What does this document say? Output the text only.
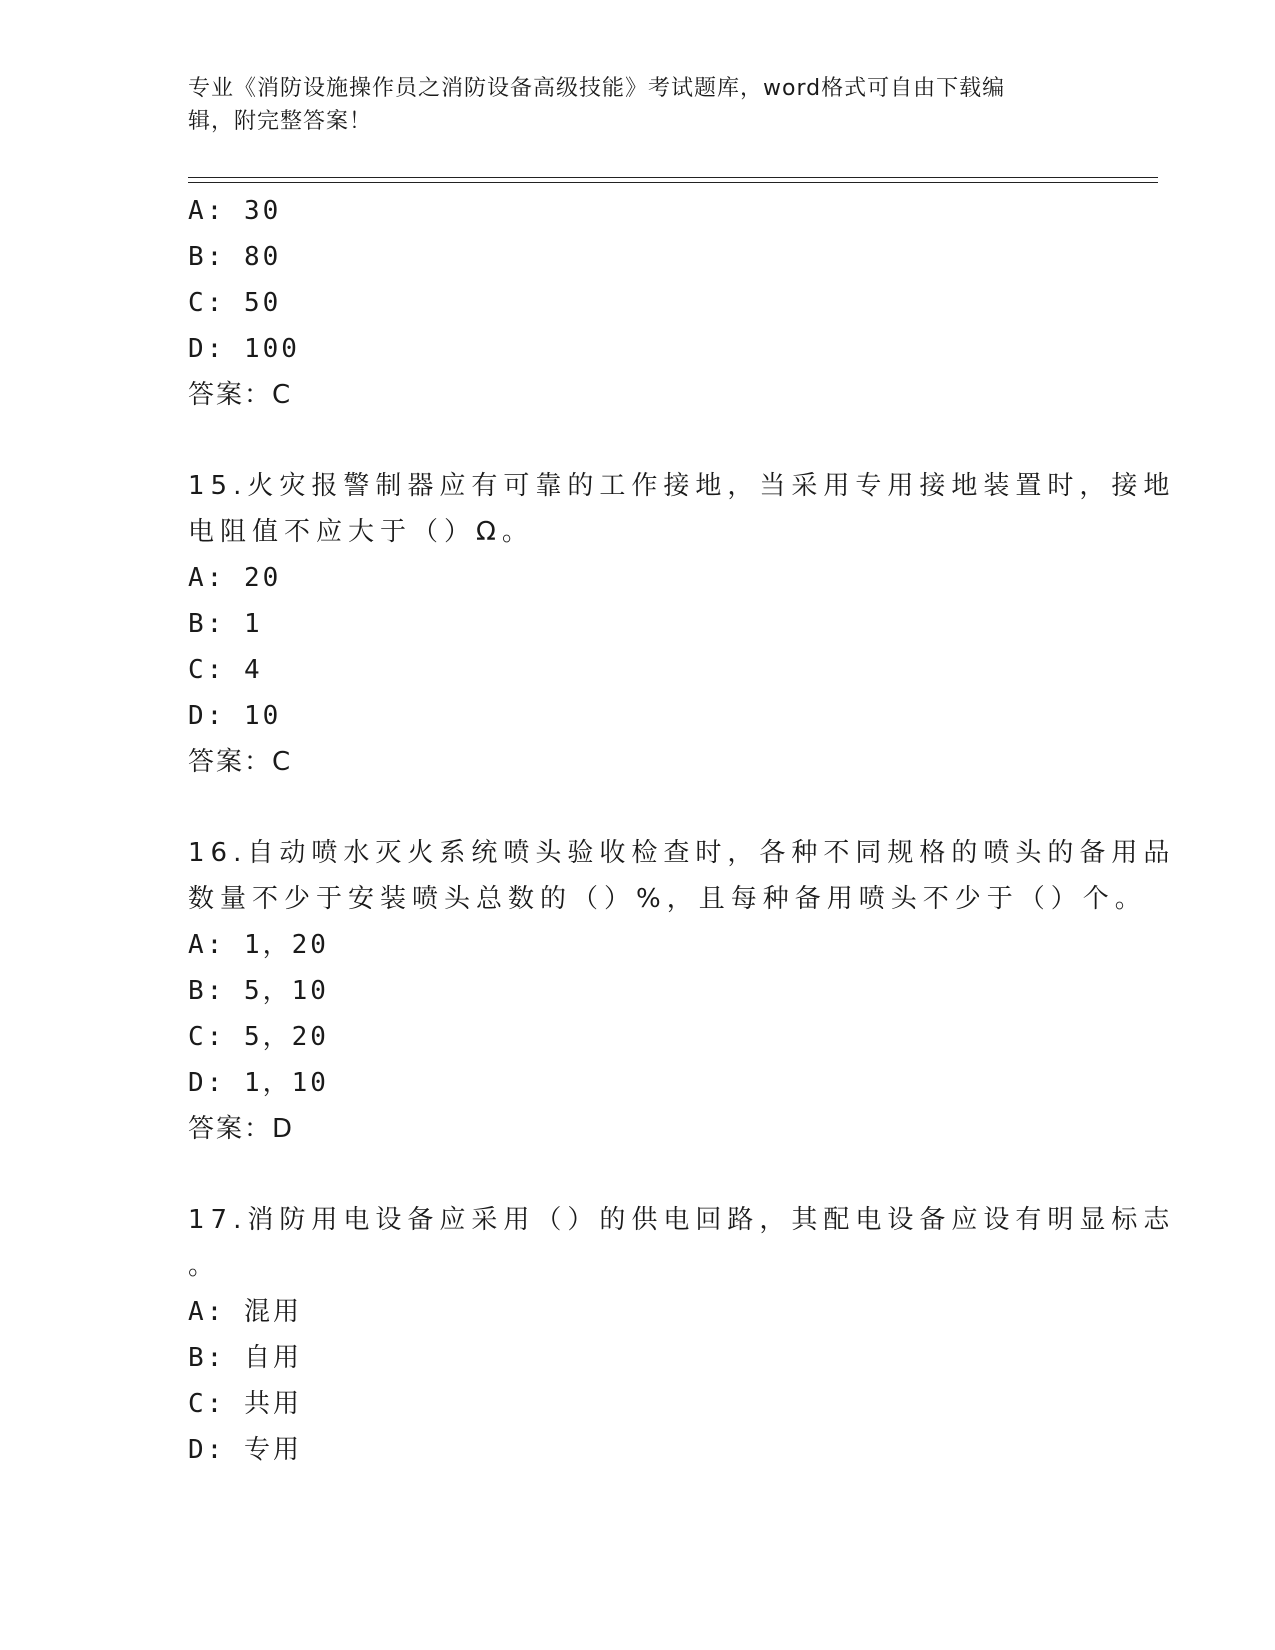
专业《消防设施操作员之消防设备高级技能》考试题库，word格式可自由下载编
辑，附完整答案！
A: 30
B: 80
C: 50
D: 100
答案：C
15.火灾报警制器应有可靠的工作接地，当采用专用接地装置时，接地
电阻值不应大于（）Ω。
A: 20
B: 1
C: 4
D: 10
答案：C
16.自动喷水灭火系统喷头验收检查时，各种不同规格的喷头的备用品
数量不少于安装喷头总数的（）%，且每种备用喷头不少于（）个。
A: 1，20
B: 5，10
C: 5，20
D: 1，10
答案：D
17.消防用电设备应采用（）的供电回路，其配电设备应设有明显标志
。
A: 混用
B: 自用
C: 共用
D: 专用
